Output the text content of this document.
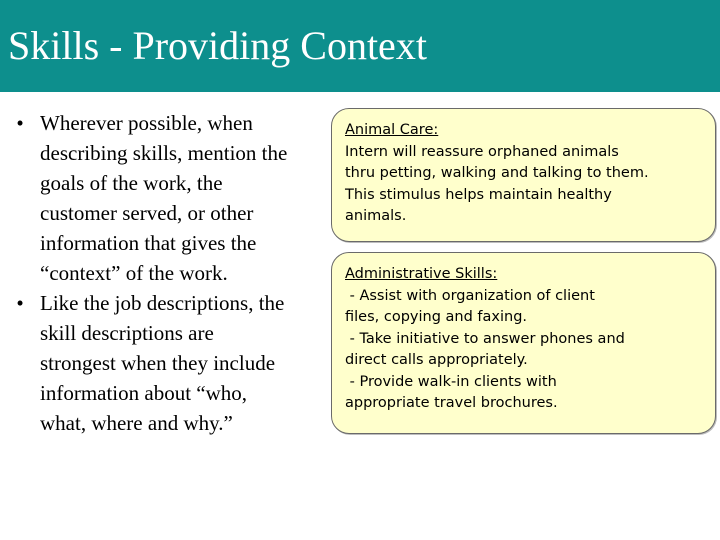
Skills - Providing Context
• Wherever possible, when
describing skills, mention the
goals of the work, the
customer served, or other
information that gives the
“context” of the work.
• Like the job descriptions, the
skill descriptions are
strongest when they include
information about “who,
what, where and why.”
Animal Care:
Intern will reassure orphaned animals
thru petting, walking and talking to them.
This stimulus helps maintain healthy
animals.
Administrative Skills:
- Assist with organization of client
files, copying and faxing.
- Take initiative to answer phones and
direct calls appropriately.
- Provide walk-in clients with
appropriate travel brochures.
